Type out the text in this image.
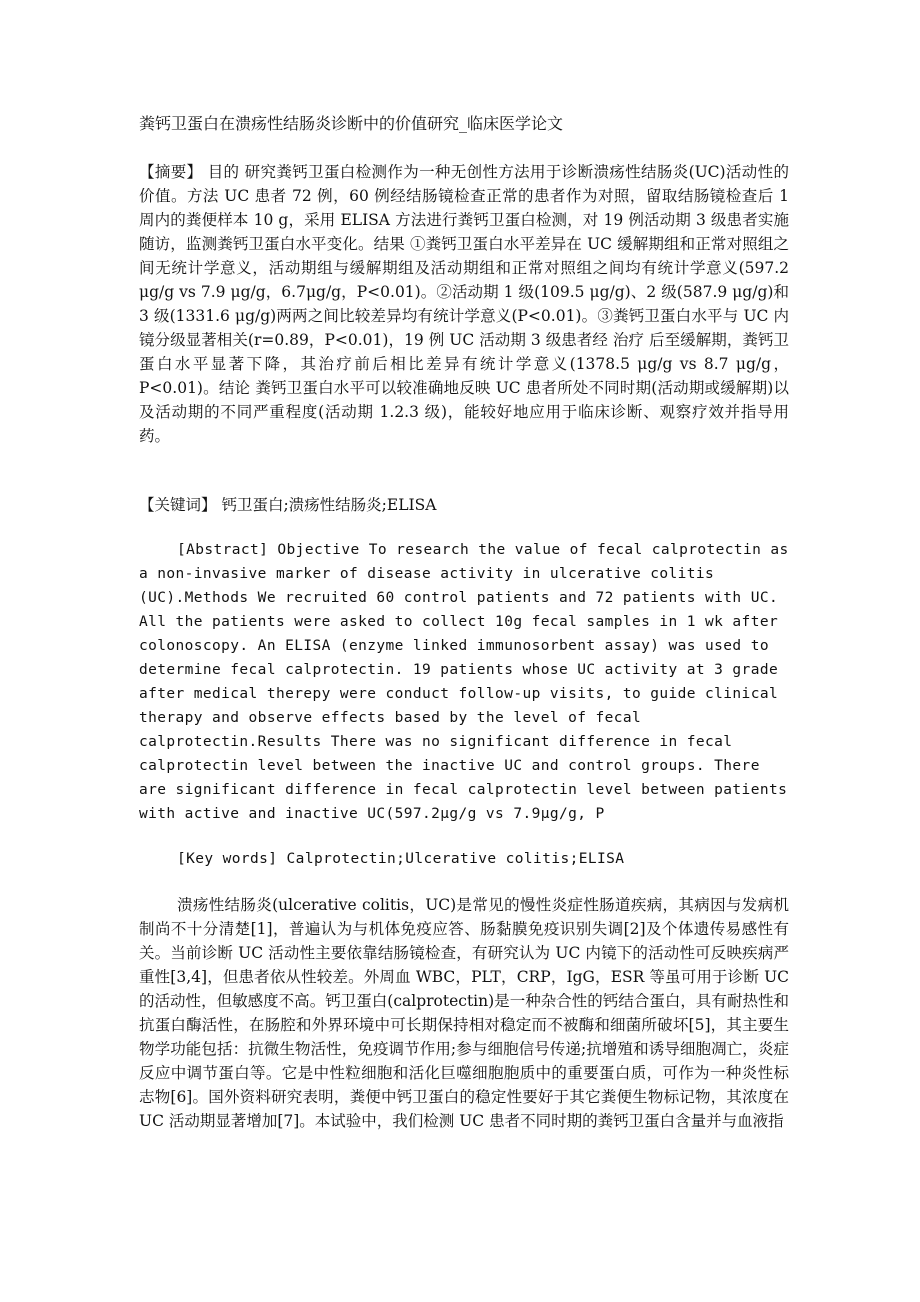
粪钙卫蛋白在溃疡性结肠炎诊断中的价值研究_临床医学论文

【摘要】 目的 研究粪钙卫蛋白检测作为一种无创性方法用于诊断溃疡性结肠炎(UC)活动性的价值。方法 UC 患者 72 例，60 例经结肠镜检查正常的患者作为对照，留取结肠镜检查后 1 周内的粪便样本 10 g，采用 ELISA 方法进行粪钙卫蛋白检测，对 19 例活动期 3 级患者实施随访，监测粪钙卫蛋白水平变化。结果 ①粪钙卫蛋白水平差异在 UC 缓解期组和正常对照组之间无统计学意义，活动期组与缓解期组及活动期组和正常对照组之间均有统计学意义(597.2 μg/g vs 7.9 μg/g，6.7μg/g，P<0.01)。②活动期 1 级(109.5 μg/g)、2 级(587.9 μg/g)和 3 级(1331.6 μg/g)两两之间比较差异均有统计学意义(P<0.01)。③粪钙卫蛋白水平与 UC 内镜分级显著相关(r=0.89，P<0.01)，19 例 UC 活动期 3 级患者经 治疗 后至缓解期，粪钙卫蛋白水平显著下降，其治疗前后相比差异有统计学意义(1378.5 μg/g vs 8.7 μg/g，P<0.01)。结论 粪钙卫蛋白水平可以较准确地反映 UC 患者所处不同时期(活动期或缓解期)以及活动期的不同严重程度(活动期 1.2.3 级)，能较好地应用于临床诊断、观察疗效并指导用药。

【关键词】 钙卫蛋白;溃疡性结肠炎;ELISA

[Abstract] Objective To research the value of fecal calprotectin as a non-invasive marker of disease activity in ulcerative colitis (UC).Methods We recruited 60 control patients and 72 patients with UC. All the patients were asked to collect 10g fecal samples in 1 wk after colonoscopy. An ELISA (enzyme linked immunosorbent assay) was used to determine fecal calprotectin. 19 patients whose UC activity at 3 grade after medical therepy were conduct follow-up visits, to guide clinical therapy and observe effects based by the level of fecal calprotectin.Results There was no significant difference in fecal calprotectin level between the inactive UC and control groups. There are significant difference in fecal calprotectin level between patients with active and inactive UC(597.2μg/g vs 7.9μg/g, P

[Key words] Calprotectin;Ulcerative colitis;ELISA

溃疡性结肠炎(ulcerative colitis，UC)是常见的慢性炎症性肠道疾病，其病因与发病机制尚不十分清楚[1]，普遍认为与机体免疫应答、肠黏膜免疫识别失调[2]及个体遗传易感性有关。当前诊断 UC 活动性主要依靠结肠镜检查，有研究认为 UC 内镜下的活动性可反映疾病严重性[3,4]，但患者依从性较差。外周血 WBC，PLT，CRP，IgG，ESR 等虽可用于诊断 UC 的活动性，但敏感度不高。钙卫蛋白(calprotectin)是一种杂合性的钙结合蛋白，具有耐热性和抗蛋白酶活性，在肠腔和外界环境中可长期保持相对稳定而不被酶和细菌所破坏[5]，其主要生物学功能包括：抗微生物活性，免疫调节作用;参与细胞信号传递;抗增殖和诱导细胞凋亡，炎症反应中调节蛋白等。它是中性粒细胞和活化巨噬细胞胞质中的重要蛋白质，可作为一种炎性标志物[6]。国外资料研究表明，粪便中钙卫蛋白的稳定性要好于其它粪便生物标记物，其浓度在 UC 活动期显著增加[7]。本试验中，我们检测 UC 患者不同时期的粪钙卫蛋白含量并与血液指
